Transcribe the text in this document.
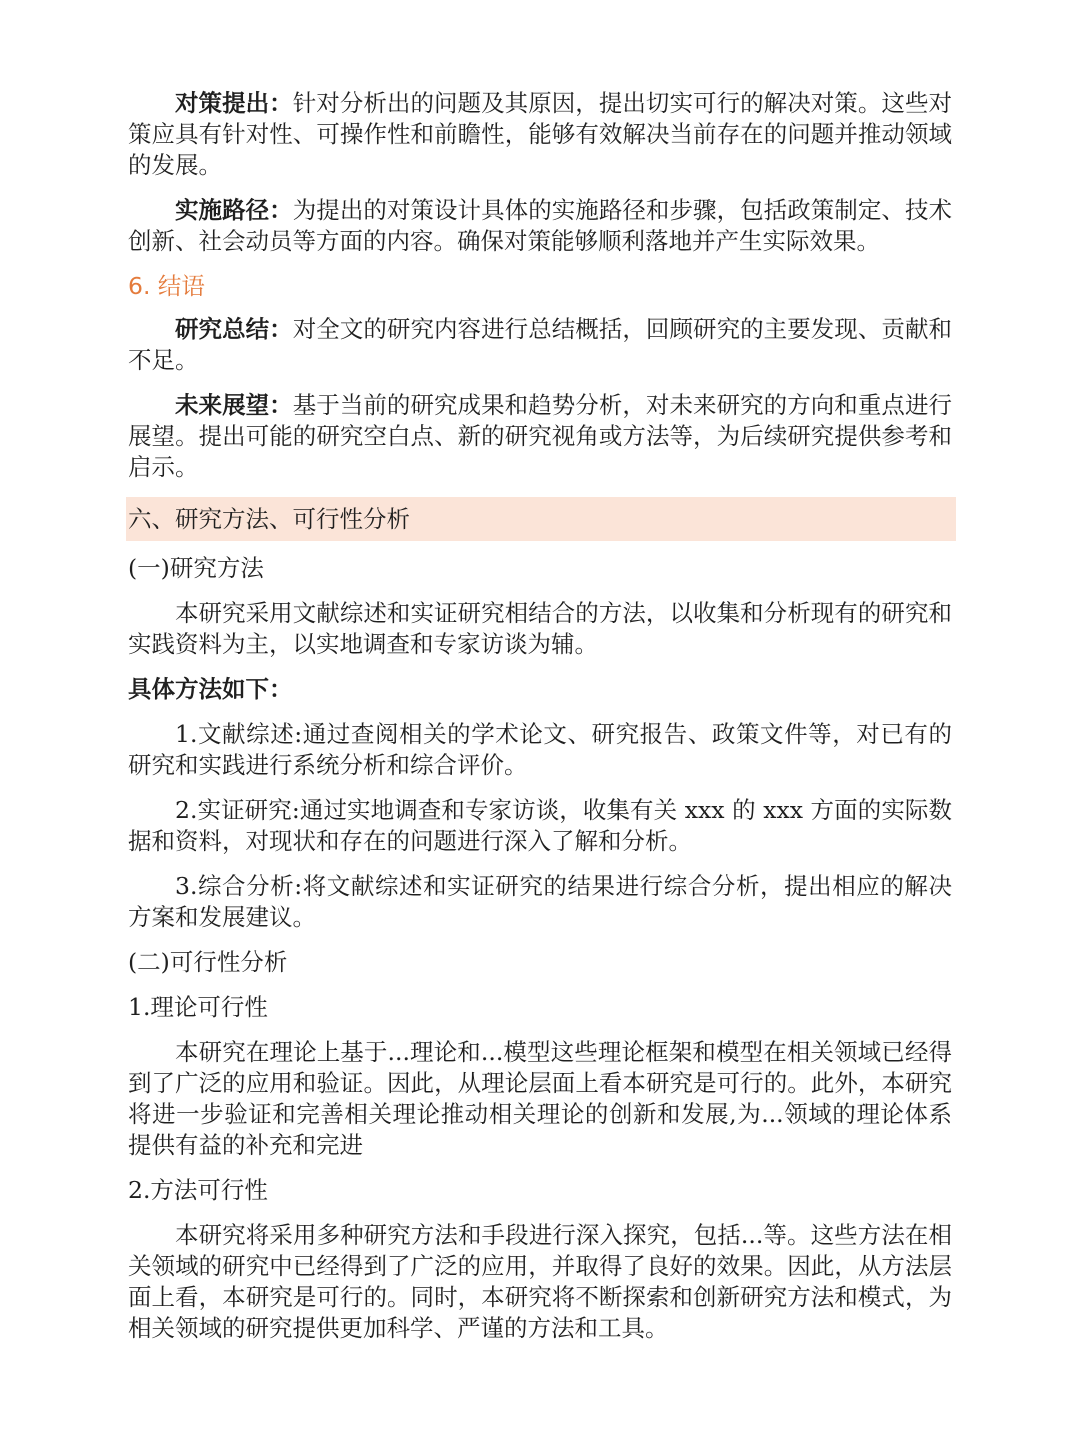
对策提出：针对分析出的问题及其原因，提出切实可行的解决对策。这些对策应具有针对性、可操作性和前瞻性，能够有效解决当前存在的问题并推动领域的发展。

实施路径：为提出的对策设计具体的实施路径和步骤，包括政策制定、技术创新、社会动员等方面的内容。确保对策能够顺利落地并产生实际效果。

6. 结语

研究总结：对全文的研究内容进行总结概括，回顾研究的主要发现、贡献和不足。

未来展望：基于当前的研究成果和趋势分析，对未来研究的方向和重点进行展望。提出可能的研究空白点、新的研究视角或方法等，为后续研究提供参考和启示。

六、研究方法、可行性分析

(一)研究方法

本研究采用文献综述和实证研究相结合的方法，以收集和分析现有的研究和实践资料为主，以实地调查和专家访谈为辅。

具体方法如下：

1.文献综述:通过查阅相关的学术论文、研究报告、政策文件等，对已有的研究和实践进行系统分析和综合评价。

2.实证研究:通过实地调查和专家访谈，收集有关 xxx 的 xxx 方面的实际数据和资料，对现状和存在的问题进行深入了解和分析。

3.综合分析:将文献综述和实证研究的结果进行综合分析，提出相应的解决方案和发展建议。

(二)可行性分析

1.理论可行性

本研究在理论上基于...理论和...模型这些理论框架和模型在相关领域已经得到了广泛的应用和验证。因此，从理论层面上看本研究是可行的。此外，本研究将进一步验证和完善相关理论推动相关理论的创新和发展,为...领域的理论体系提供有益的补充和完进

2.方法可行性

本研究将采用多种研究方法和手段进行深入探究，包括...等。这些方法在相关领域的研究中已经得到了广泛的应用，并取得了良好的效果。因此，从方法层面上看，本研究是可行的。同时，本研究将不断探索和创新研究方法和模式，为相关领域的研究提供更加科学、严谨的方法和工具。
